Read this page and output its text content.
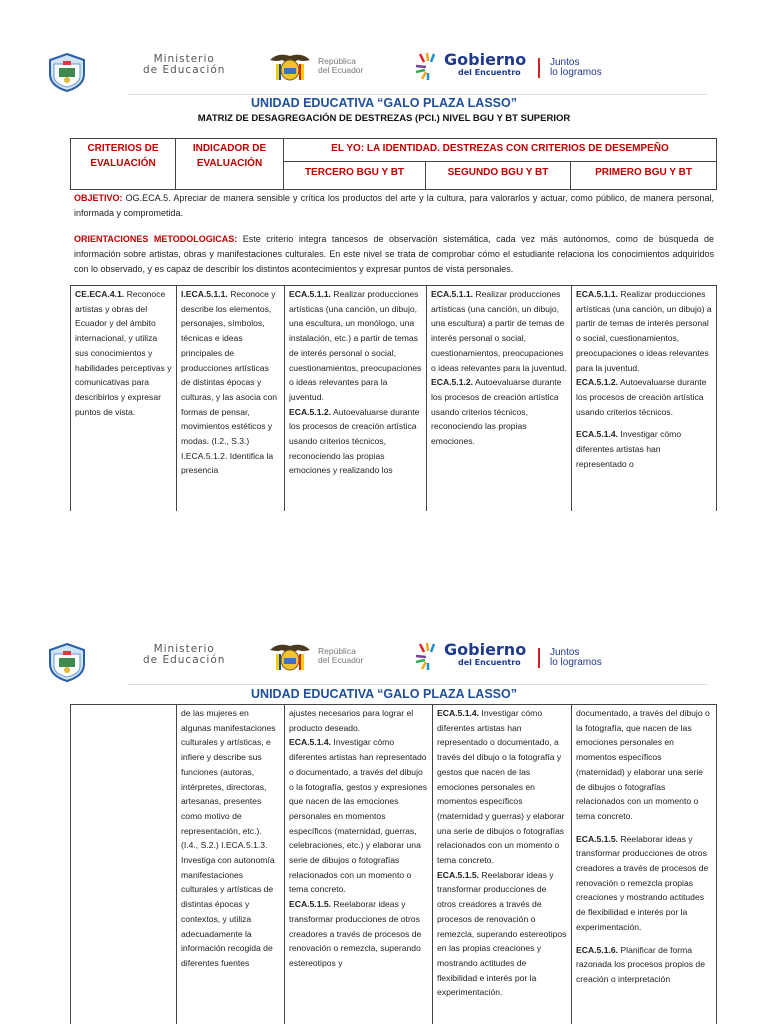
Ministerio
de Educación
República
del Ecuador
Gobierno
del Encuentro
Juntos
lo logramos
UNIDAD EDUCATIVA “GALO PLAZA LASSO”
MATRIZ DE DESAGREGACIÓN DE DESTREZAS (PCI.) NIVEL BGU Y BT SUPERIOR
CRITERIOS DE EVALUACIÓN
INDICADOR DE EVALUACIÓN
EL YO: LA IDENTIDAD. DESTREZAS CON CRITERIOS DE DESEMPEÑO
TERCERO BGU Y BT	SEGUNDO BGU Y BT	PRIMERO BGU Y BT
OBJETIVO: OG.ECA.5. Apreciar de manera sensible y crítica los productos del arte y la cultura, para valorarlos y actuar, como público, de manera personal, informada y comprometida.
ORIENTACIONES METODOLOGICAS: Este criterio integra tancesos de observación sistemática, cada vez más autónomos, como de búsqueda de información sobre artistas, obras y manifestaciones culturales. En este nivel se trata de comprobar cómo el estudiante relaciona los conocimientos adquiridos con lo observado, y es capaz de describir los distintos acontecimientos y expresar puntos de vista personales.

CE.ECA.4.1. Reconoce artistas y obras del Ecuador y del ámbito internacional, y utiliza sus conocimientos y habilidades perceptivas y comunicativas para describirlos y expresar puntos de vista.

I.ECA.5.1.1. Reconoce y describe los elementos, personajes, símbolos, técnicas e ideas principales de producciones artísticas de distintas épocas y culturas, y las asocia con formas de pensar, movimientos estéticos y modas. (I.2., S.3.) I.ECA.5.1.2. Identifica la presencia

ECA.5.1.1. Realizar producciones artísticas (una canción, un dibujo, una escultura, un monólogo, una instalación, etc.) a partir de temas de interés personal o social, cuestionamientos, preocupaciones o ideas relevantes para la juventud.

ECA.5.1.2. Autoevaluarse durante los procesos de creación artística usando criterios técnicos, reconociendo las propias emociones y realizando los

ECA.5.1.1. Realizar producciones artísticas (una canción, un dibujo, una escultura) a partir de temas de interés personal o social, cuestionamientos, preocupaciones o ideas relevantes para la juventud.

ECA.5.1.2. Autoevaluarse durante los procesos de creación artística usando criterios técnicos, reconociendo las propias emociones.

ECA.5.1.1. Realizar producciones artísticas (una canción, un dibujo) a partir de temas de interés personal o social, cuestionamientos, preocupaciones o ideas relevantes para la juventud.

ECA.5.1.2. Autoevaluarse durante los procesos de creación artística usando criterios técnicos.

ECA.5.1.4. Investigar cómo diferentes artistas han representado o

Ministerio
de Educación
República
del Ecuador
Gobierno
del Encuentro
Juntos
lo logramos
UNIDAD EDUCATIVA “GALO PLAZA LASSO”

de las mujeres en algunas manifestaciones culturales y artísticas, e infiere y describe sus funciones (autoras, intérpretes, directoras, artesanas, presentes como motivo de representación, etc.). (I.4., S.2.) I.ECA.5.1.3. Investiga con autonomía manifestaciones culturales y artísticas de distintas épocas y contextos, y utiliza adecuadamente la información recogida de diferentes fuentes

ajustes necesarios para lograr el producto deseado.

ECA.5.1.4. Investigar cómo diferentes artistas han representado o documentado, a través del dibujo o la fotografía, gestos y expresiones que nacen de las emociones personales en momentos específicos (maternidad, guerras, celebraciones, etc.) y elaborar una serie de dibujos o fotografías relacionados con un momento o tema concreto.

ECA.5.1.5. Reelaborar ideas y transformar producciones de otros creadores a través de procesos de renovación o remezcla, superando estereotipos y

ECA.5.1.4. Investigar cómo diferentes artistas han representado o documentado, a través del dibujo o la fotografía y gestos que nacen de las emociones personales en momentos específicos (maternidad y guerras) y elaborar una serie de dibujos o fotografías relacionados con un momento o tema concreto.

ECA.5.1.5. Reelaborar ideas y transformar producciones de otros creadores a través de procesos de renovación o remezcla, superando estereotipos en las propias creaciones y mostrando actitudes de flexibilidad e interés por la experimentación.

documentado, a través del dibujo o la fotografía, que nacen de las emociones personales en momentos específicos (maternidad) y elaborar una serie de dibujos o fotografías relacionados con un momento o tema concreto.

ECA.5.1.5. Reelaborar ideas y transformar producciones de otros creadores a través de procesos de renovación o remezcla propias creaciones y mostrando actitudes de flexibilidad e interés por la experimentación.

ECA.5.1.6. Planificar de forma razonada los procesos propios de creación o interpretación
